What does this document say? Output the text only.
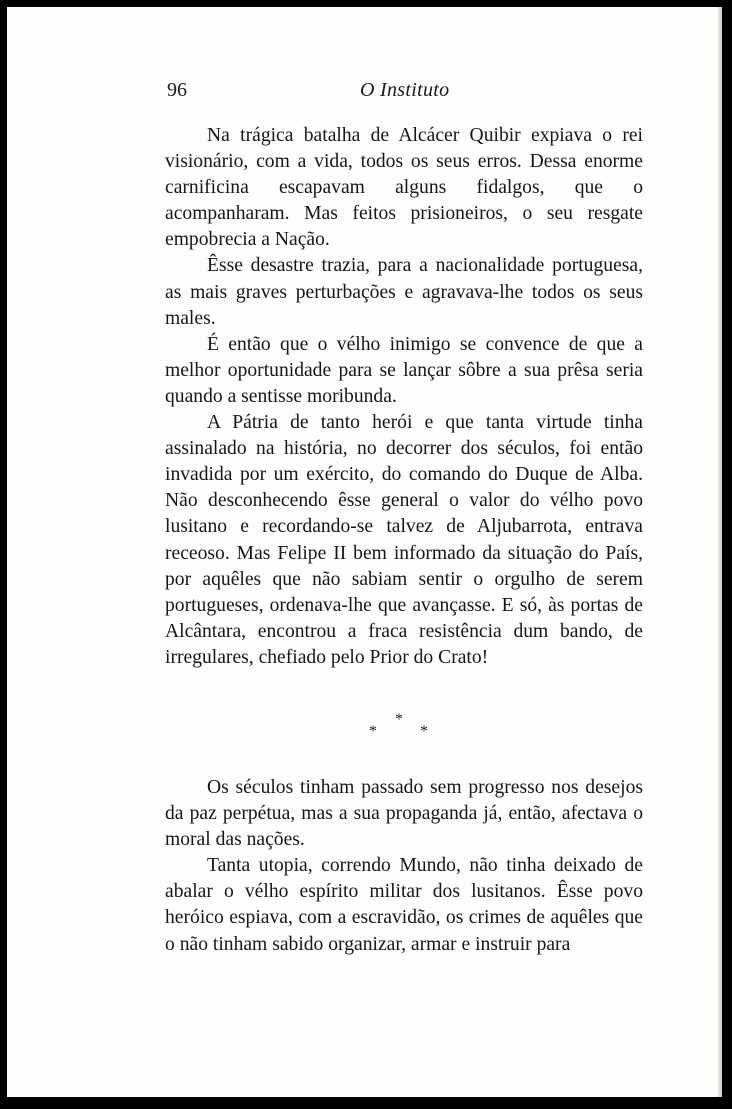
96	O Instituto

Na trágica batalha de Alcácer Quibir expiava o rei visionário, com a vida, todos os seus erros. Dessa enorme carnificina escapavam alguns fidalgos, que o acompanharam. Mas feitos prisioneiros, o seu resgate empobrecia a Nação.

Êsse desastre trazia, para a nacionalidade portuguesa, as mais graves perturbações e agravava-lhe todos os seus males.

É então que o vélho inimigo se convence de que a melhor oportunidade para se lançar sôbre a sua prêsa seria quando a sentisse moribunda.

A Pátria de tanto herói e que tanta virtude tinha assinalado na história, no decorrer dos séculos, foi então invadida por um exército, do comando do Duque de Alba. Não desconhecendo êsse general o valor do vélho povo lusitano e recordando-se talvez de Aljubarrota, entrava receoso. Mas Felipe II bem informado da situação do País, por aquêles que não sabiam sentir o orgulho de serem portugueses, ordenava-lhe que avançasse. E só, às portas de Alcântara, encontrou a fraca resistência dum bando, de irregulares, chefiado pelo Prior do Crato!

*
*	*

Os séculos tinham passado sem progresso nos desejos da paz perpétua, mas a sua propaganda já, então, afectava o moral das nações.

Tanta utopia, correndo Mundo, não tinha deixado de abalar o vélho espírito militar dos lusitanos. Êsse povo heróico espiava, com a escravidão, os crimes de aquêles que o não tinham sabido organizar, armar e instruir para
